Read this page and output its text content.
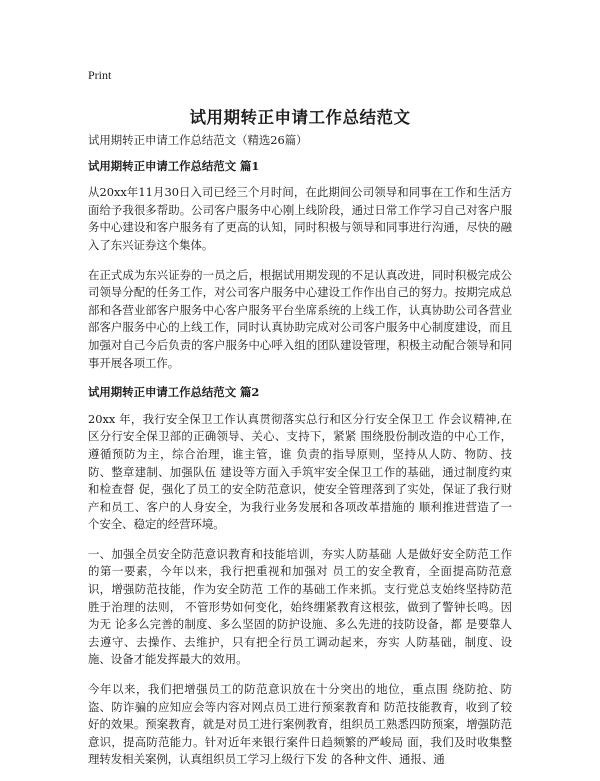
Print
试用期转正申请工作总结范文

试用期转正申请工作总结范文（精选26篇）

试用期转正申请工作总结范文 篇1

从20xx年11月30日入司已经三个月时间，在此期间公司领导和同事在工作和生活方面给予我很多帮助。公司客户服务中心刚上线阶段，通过日常工作学习自己对客户服务中心建设和客户服务有了更高的认知，同时积极与领导和同事进行沟通，尽快的融入了东兴证券这个集体。

在正式成为东兴证券的一员之后，根据试用期发现的不足认真改进，同时积极完成公司领导分配的任务工作，对公司客户服务中心建设工作作出自己的努力。按期完成总部和各营业部客户服务中心客户服务平台坐席系统的上线工作，认真协助公司各营业部客户服务中心的上线工作，同时认真协助完成对公司客户服务中心制度建设，而且加强对自己今后负责的客户服务中心呼入组的团队建设管理，积极主动配合领导和同事开展各项工作。

试用期转正申请工作总结范文 篇2

20xx 年，我行安全保卫工作认真贯彻落实总行和区分行安全保卫工 作会议精神,在区分行安全保卫部的正确领导、关心、支持下，紧紧 围绕股份制改造的中心工作，遵循预防为主，综合治理，谁主管，谁 负责的指导原则，坚持从人防、物防、技防、整章建制、加强队伍 建设等方面入手筑牢安全保卫工作的基础，通过制度约束和检查督 促，强化了员工的安全防范意识，使安全管理落到了实处，保证了我行财产和员工、客户的人身安全，为我行业务发展和各项改革措施的 顺利推进营造了一个安全、稳定的经营环境。

一、加强全员安全防范意识教育和技能培训，夯实人防基础 人是做好安全防范工作的第一要素，今年以来，我行把重视和加强对 员工的安全教育，全面提高防范意识，增强防范技能，作为安全防范 工作的基础工作来抓。支行党总支始终坚持防范胜于治理的法则， 不管形势如何变化，始终绷紧教育这根弦，做到了警钟长鸣。因为无 论多么完善的制度、多么坚固的防护设施、多么先进的技防设备，都 是要靠人去遵守、去操作、去维护，只有把全行员工调动起来，夯实 人防基础，制度、设施、设备才能发挥最大的效用。

今年以来，我们把增强员工的防范意识放在十分突出的地位，重点围 绕防抢、防盗、防诈骗的应知应会等内容对网点员工进行预案教育和 防范技能教育，收到了较好的效果。预案教育，就是对员工进行案例教育，组织员工熟悉四防预案，增强防范意识，提高防范能力。针对近年来银行案件日趋频繁的严峻局 面，我们及时收集整理转发相关案例，认真组织员工学习上级行下发 的各种文件、通报、通
